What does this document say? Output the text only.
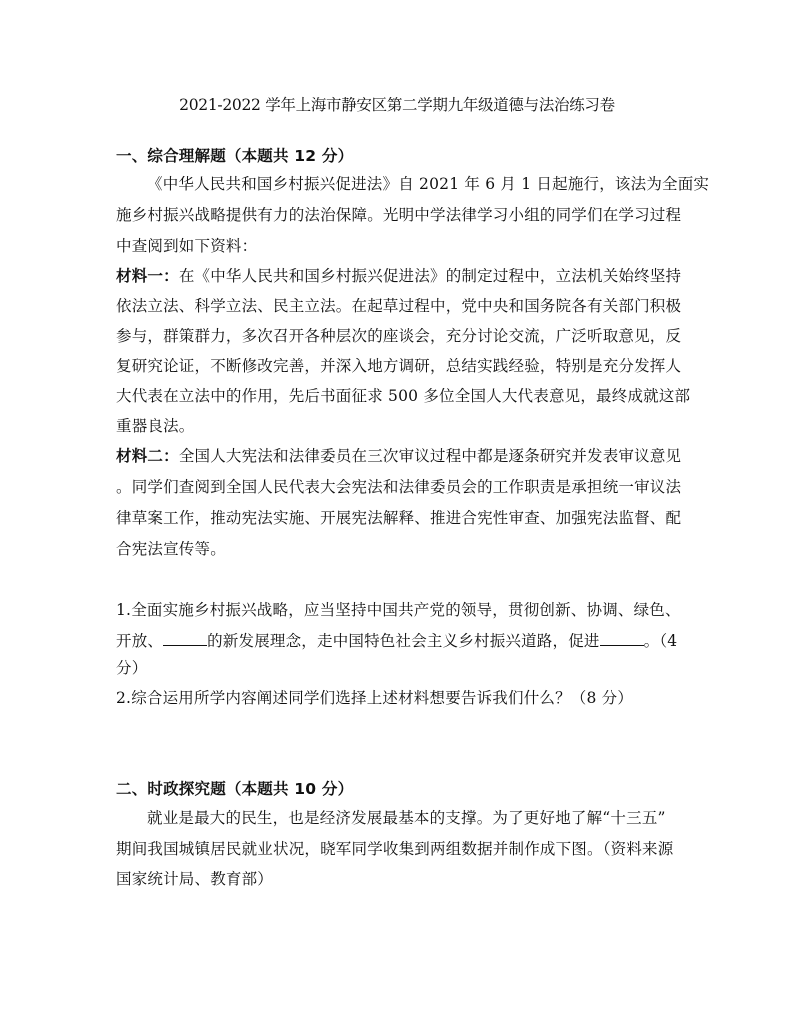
2021-2022 学年上海市静安区第二学期九年级道德与法治练习卷
一、综合理解题（本题共 12 分）
《中华人民共和国乡村振兴促进法》自 2021 年 6 月 1 日起施行，该法为全面实
施乡村振兴战略提供有力的法治保障。光明中学法律学习小组的同学们在学习过程
中查阅到如下资料：
材料一：在《中华人民共和国乡村振兴促进法》的制定过程中，立法机关始终坚持
依法立法、科学立法、民主立法。在起草过程中，党中央和国务院各有关部门积极
参与，群策群力，多次召开各种层次的座谈会，充分讨论交流，广泛听取意见，反
复研究论证，不断修改完善，并深入地方调研，总结实践经验，特别是充分发挥人
大代表在立法中的作用，先后书面征求 500 多位全国人大代表意见，最终成就这部
重器良法。
材料二：全国人大宪法和法律委员在三次审议过程中都是逐条研究并发表审议意见
。同学们查阅到全国人民代表大会宪法和法律委员会的工作职责是承担统一审议法
律草案工作，推动宪法实施、开展宪法解释、推进合宪性审查、加强宪法监督、配
合宪法宣传等。
1.全面实施乡村振兴战略，应当坚持中国共产党的领导，贯彻创新、协调、绿色、
开放、	的新发展理念，走中国特色社会主义乡村振兴道路，促进	。（4
分）
2.综合运用所学内容阐述同学们选择上述材料想要告诉我们什么？（8 分）
二、时政探究题（本题共 10 分）
就业是最大的民生，也是经济发展最基本的支撑。为了更好地了解“十三五”
期间我国城镇居民就业状况，晓军同学收集到两组数据并制作成下图。（资料来源
国家统计局、教育部）
